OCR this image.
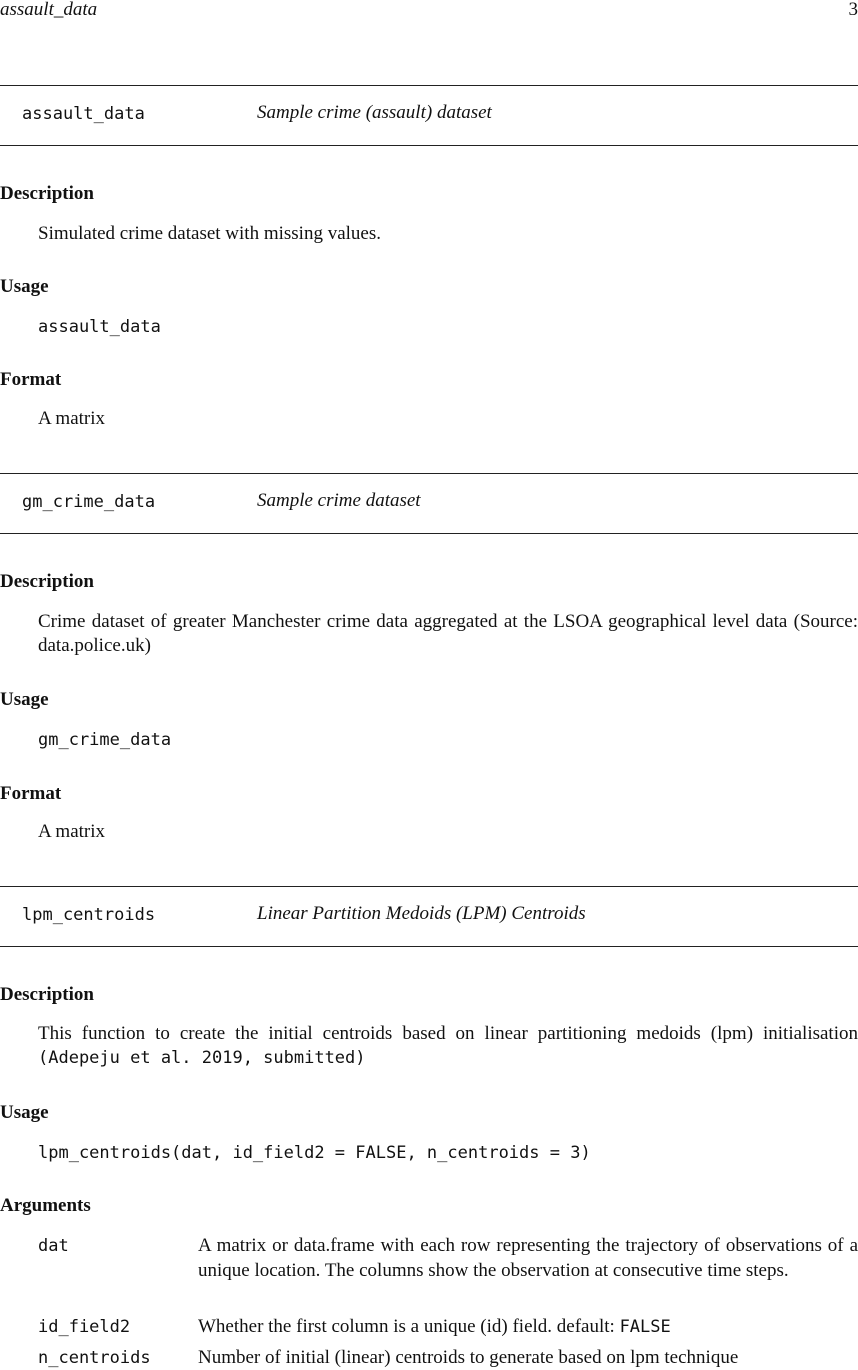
assault_data	3
assault_data	Sample crime (assault) dataset
Description
Simulated crime dataset with missing values.
Usage
assault_data
Format
A matrix
gm_crime_data	Sample crime dataset
Description
Crime dataset of greater Manchester crime data aggregated at the LSOA geographical level data (Source: data.police.uk)
Usage
gm_crime_data
Format
A matrix
lpm_centroids	Linear Partition Medoids (LPM) Centroids
Description
This function to create the initial centroids based on linear partitioning medoids (lpm) initialisation (Adepeju et al. 2019, submitted)
Usage
lpm_centroids(dat, id_field2 = FALSE, n_centroids = 3)
Arguments
dat	A matrix or data.frame with each row representing the trajectory of observations of a unique location. The columns show the observation at consecutive time steps.
id_field2	Whether the first column is a unique (id) field. default: FALSE
n_centroids Number of initial (linear) centroids to generate based on lpm technique
